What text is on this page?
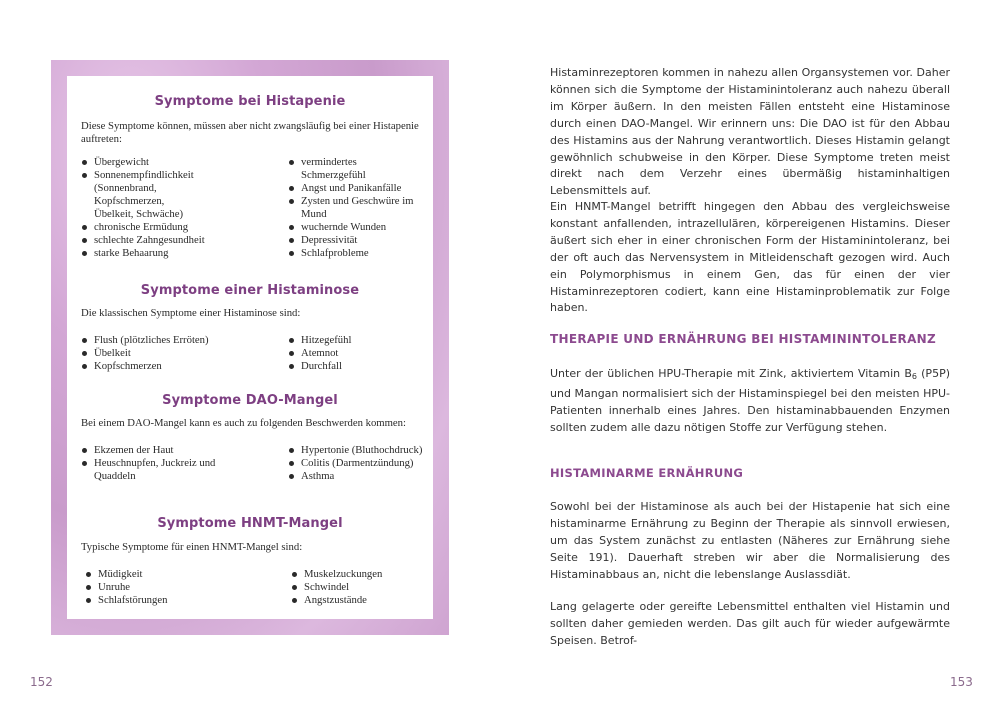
Symptome bei Histapenie
Diese Symptome können, müssen aber nicht zwangsläufig bei einer Histapenie auftreten:
Übergewicht
Sonnenempfindlichkeit (Sonnenbrand, Kopfschmerzen, Übelkeit, Schwäche)
chronische Ermüdung
schlechte Zahngesundheit
starke Behaarung
vermindertes Schmerzgefühl
Angst und Panikanfälle
Zysten und Geschwüre im Mund
wuchernde Wunden
Depressivität
Schlafprobleme
Symptome einer Histaminose
Die klassischen Symptome einer Histaminose sind:
Flush (plötzliches Erröten)
Übelkeit
Kopfschmerzen
Hitzegefühl
Atemnot
Durchfall
Symptome DAO-Mangel
Bei einem DAO-Mangel kann es auch zu folgenden Beschwerden kommen:
Ekzemen der Haut
Heuschnupfen, Juckreiz und Quaddeln
Hypertonie (Bluthochdruck)
Colitis (Darmentzündung)
Asthma
Symptome HNMT-Mangel
Typische Symptome für einen HNMT-Mangel sind:
Müdigkeit
Unruhe
Schlafstörungen
Muskelzuckungen
Schwindel
Angstzustände
152

Histaminrezeptoren kommen in nahezu allen Organsystemen vor. Daher können sich die Symptome der Histaminintoleranz auch nahezu überall im Körper äußern. In den meisten Fällen entsteht eine Histaminose durch einen DAO-Mangel. Wir erinnern uns: Die DAO ist für den Abbau des Histamins aus der Nahrung verantwortlich. Dieses Histamin gelangt gewöhnlich schubweise in den Körper. Diese Symptome treten meist direkt nach dem Verzehr eines übermäßig histaminhaltigen Lebensmittels auf.

Ein HNMT-Mangel betrifft hingegen den Abbau des vergleichsweise konstant anfallenden, intrazellulären, körpereigenen Histamins. Dieser äußert sich eher in einer chronischen Form der Histaminintoleranz, bei der oft auch das Nervensystem in Mitleidenschaft gezogen wird. Auch ein Polymorphismus in einem Gen, das für einen der vier Histaminrezeptoren codiert, kann eine Histaminproblematik zur Folge haben.

THERAPIE UND ERNÄHRUNG BEI HISTAMININTOLERANZ

Unter der üblichen HPU-Therapie mit Zink, aktiviertem Vitamin $B_6$ (P5P) und Mangan normalisiert sich der Histaminspiegel bei den meisten HPU-Patienten innerhalb eines Jahres. Den histaminabbauenden Enzymen sollten zudem alle dazu nötigen Stoffe zur Verfügung stehen.

HISTAMINARME ERNÄHRUNG

Sowohl bei der Histaminose als auch bei der Histapenie hat sich eine histaminarme Ernährung zu Beginn der Therapie als sinnvoll erwiesen, um das System zunächst zu entlasten (Näheres zur Ernährung siehe Seite 191). Dauerhaft streben wir aber die Normalisierung des Histaminabbaus an, nicht die lebenslange Auslassdiät.

Lang gelagerte oder gereifte Lebensmittel enthalten viel Histamin und sollten daher gemieden werden. Das gilt auch für wieder aufgewärmte Speisen. Betrof-

153
